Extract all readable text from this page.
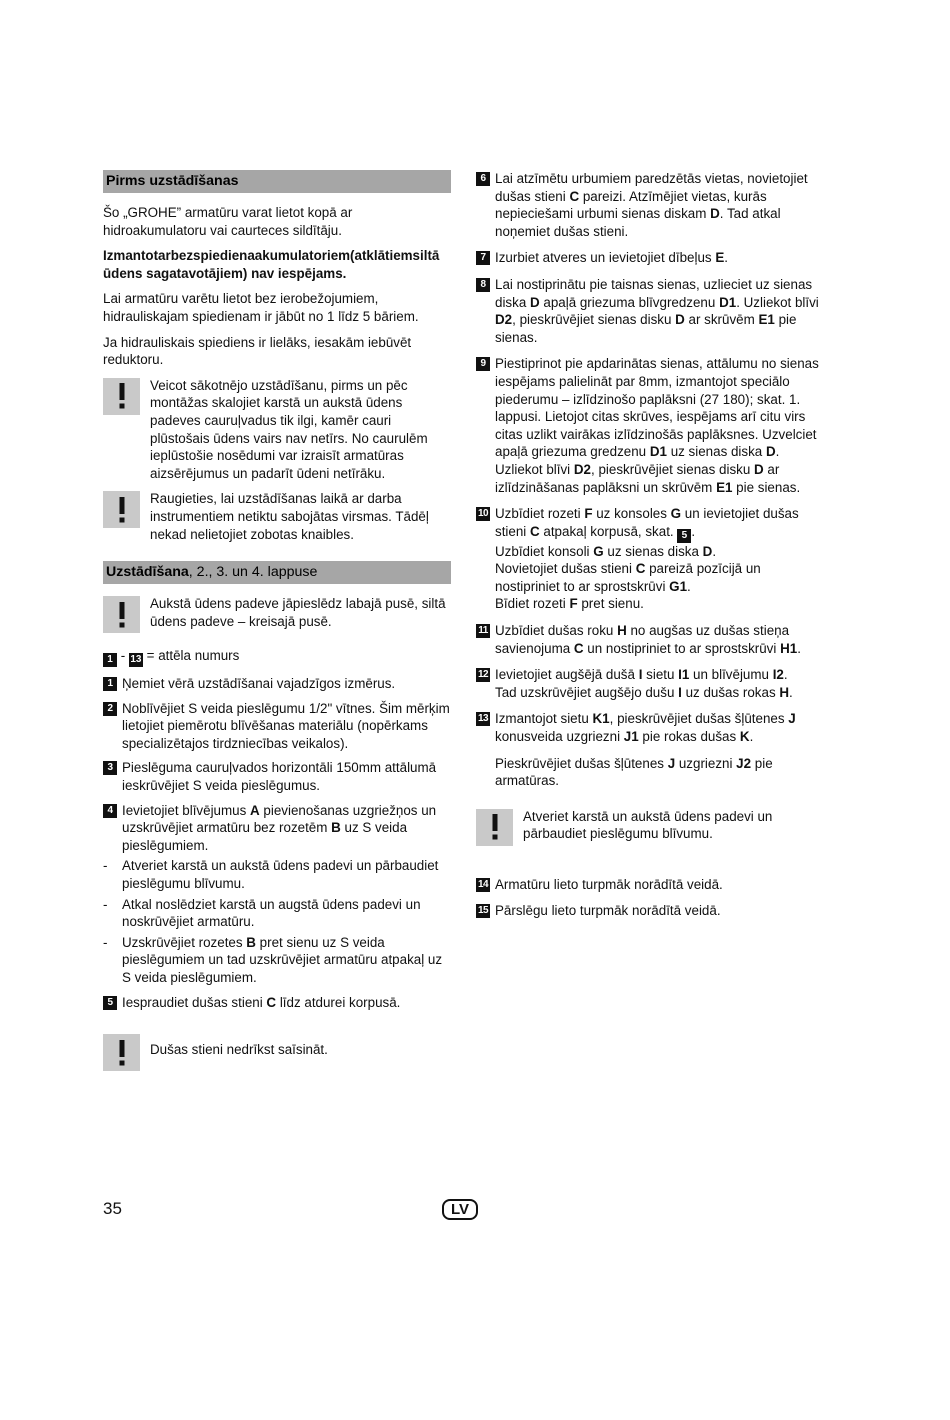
Pirms uzstādīšanas

Šo „GROHE” armatūru varat lietot kopā ar hidroakumulatoru vai caurteces sildītāju.

Izmantotarbezspiedienaakumulatoriem(atklātiemsiltā ūdens sagatavotājiem) nav iespējams.

Lai armatūru varētu lietot bez ierobežojumiem, hidrauliskajam spiedienam ir jābūt no 1 līdz 5 bāriem.

Ja hidrauliskais spiediens ir lielāks, iesakām iebūvēt reduktoru.

Veicot sākotnējo uzstādīšanu, pirms un pēc montāžas skalojiet karstā un aukstā ūdens padeves cauruļvadus tik ilgi, kamēr cauri plūstošais ūdens vairs nav netīrs. No caurulēm ieplūstošie nosēdumi var izraisīt armatūras aizsērējumus un padarīt ūdeni netīrāku.
Raugieties, lai uzstādīšanas laikā ar darba instrumentiem netiktu sabojātas virsmas. Tādēļ nekad nelietojiet zobotas knaibles.
Uzstādīšana, 2., 3. un 4. lappuse
Aukstā ūdens padeve jāpieslēdz labajā pusē, siltā ūdens padeve – kreisajā pusē.

1 - 13 = attēla numurs

1 Ņemiet vērā uzstādīšanai vajadzīgos izmērus.
2 Noblīvējiet S veida pieslēgumu 1/2" vītnes. Šim mērķim lietojiet piemērotu blīvēšanas materiālu (nopērkams specializētajos tirdzniecības veikalos).
3 Pieslēguma cauruļvados horizontāli 150mm attālumā ieskrūvējiet S veida pieslēgumus.
4 Ievietojiet blīvējumus A pievienošanas uzgriežņos un uzskrūvējiet armatūru bez rozetēm B uz S veida pieslēgumiem.
- Atveriet karstā un aukstā ūdens padevi un pārbaudiet pieslēgumu blīvumu.
- Atkal noslēdziet karstā un augstā ūdens padevi un noskrūvējiet armatūru.
- Uzskrūvējiet rozetes B pret sienu uz S veida pieslēgumiem un tad uzskrūvējiet armatūru atpakaļ uz S veida pieslēgumiem.
5 Iespraudiet dušas stieni C līdz atdurei korpusā.
Dušas stieni nedrīkst saīsināt.
6 Lai atzīmētu urbumiem paredzētās vietas, novietojiet dušas stieni C pareizi. Atzīmējiet vietas, kurās nepieciešami urbumi sienas diskam D. Tad atkal noņemiet dušas stieni.
7 Izurbiet atveres un ievietojiet dībeļus E.
8 Lai nostiprinātu pie taisnas sienas, uzlieciet uz sienas diska D apaļā griezuma blīvgredzenu D1. Uzliekot blīvi D2, pieskrūvējiet sienas disku D ar skrūvēm E1 pie sienas.
9 Piestiprinot pie apdarinātas sienas, attālumu no sienas iespējams palielināt par 8mm, izmantojot speciālo piederumu – izlīdzinošo paplāksni (27 180); skat. 1. lappusi. Lietojot citas skrūves, iespējams arī citu virs citas uzlikt vairākas izlīdzinošās paplāksnes. Uzvelciet apaļā griezuma gredzenu D1 uz sienas diska D. Uzliekot blīvi D2, pieskrūvējiet sienas disku D ar izlīdzināšanas paplāksni un skrūvēm E1 pie sienas.
10 Uzbīdiet rozeti F uz konsoles G un ievietojiet dušas stieni C atpakaļ korpusā, skat. 5 .
Uzbīdiet konsoli G uz sienas diska D.
Novietojiet dušas stieni C pareizā pozīcijā un nostipriniet to ar sprostskrūvi G1.
Bīdiet rozeti F pret sienu.
11 Uzbīdiet dušas roku H no augšas uz dušas stieņa savienojuma C un nostipriniet to ar sprostskrūvi H1.
12 Ievietojiet augšējā dušā I sietu I1 un blīvējumu I2.
Tad uzskrūvējiet augšējo dušu I uz dušas rokas H.
13 Izmantojot sietu K1, pieskrūvējiet dušas šļūtenes J konusveida uzgriezni J1 pie rokas dušas K.

Pieskrūvējiet dušas šļūtenes J uzgriezni J2 pie armatūras.

Atveriet karstā un aukstā ūdens padevi un pārbaudiet pieslēgumu blīvumu.
14 Armatūru lieto turpmāk norādītā veidā.
15 Pārslēgu lieto turpmāk norādītā veidā.
35	LV
